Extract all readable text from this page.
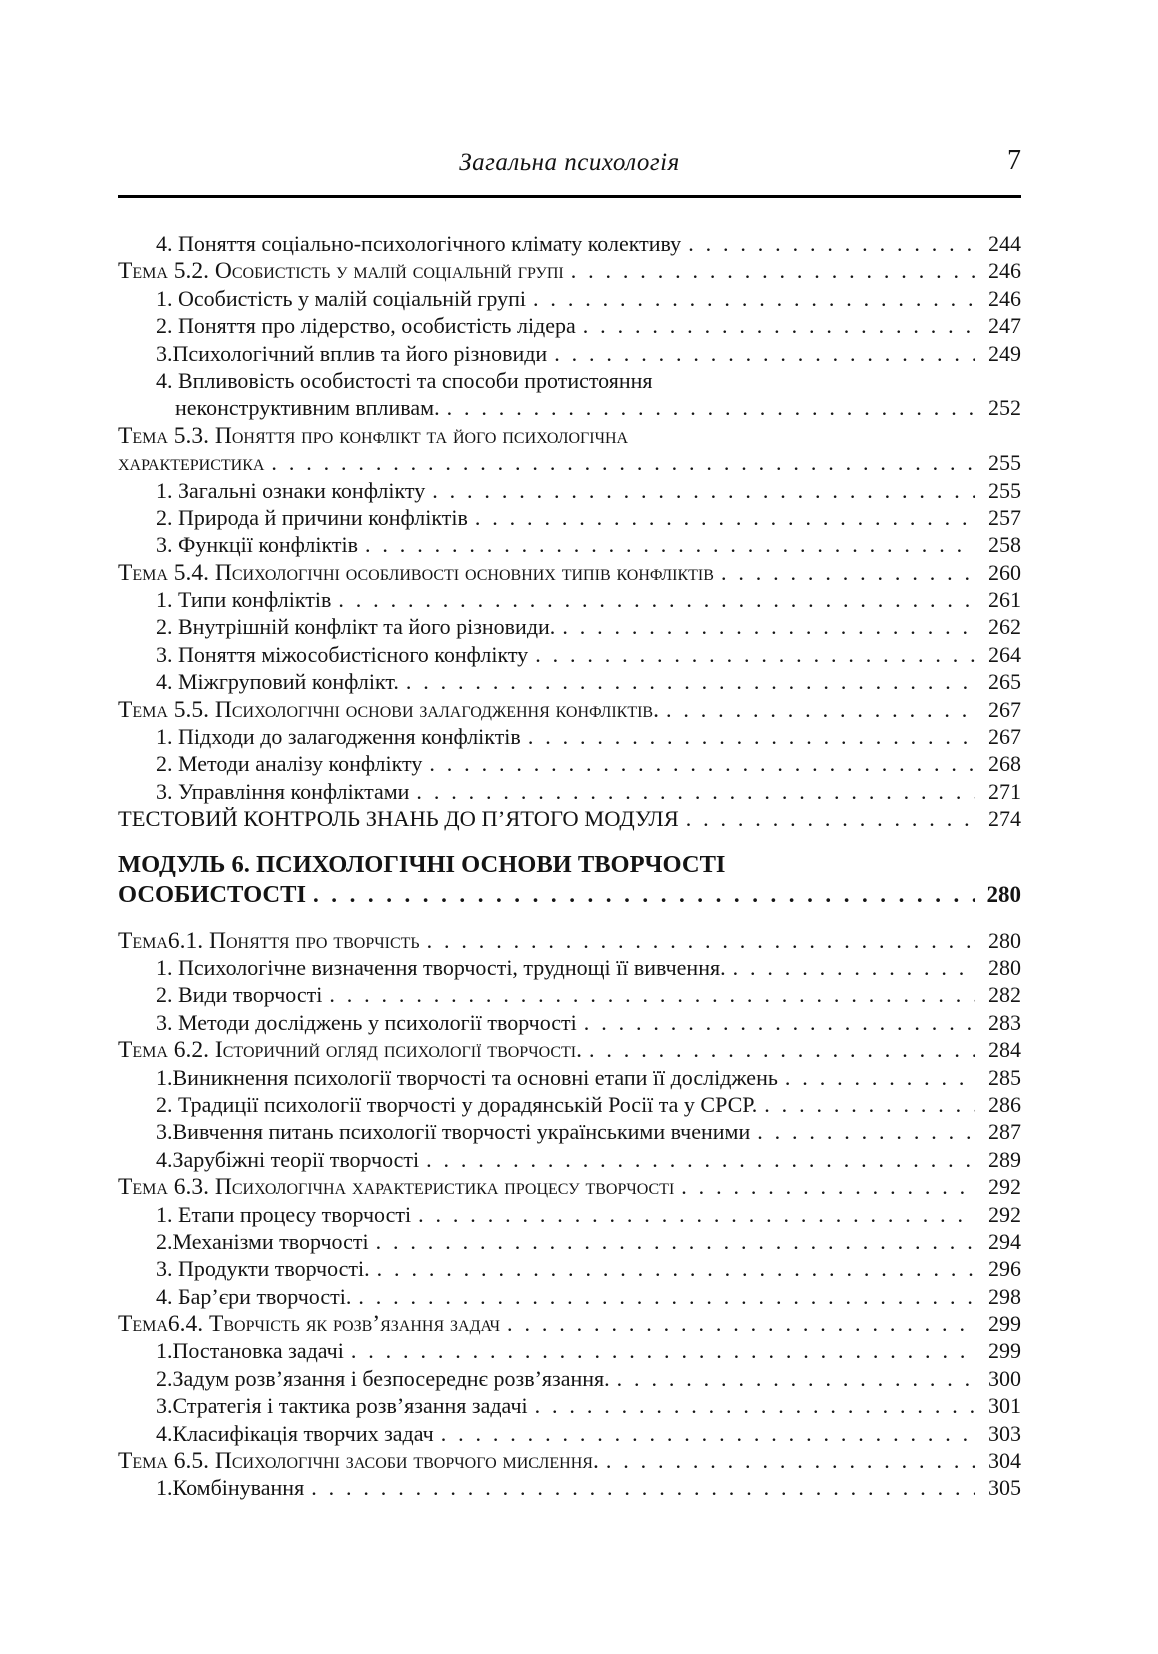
Загальна психологія	7
4. Поняття соціально-психологічного клімату колективу . . .	244
Тема 5.2. Особистість у малій соціальній групі . . .	246
1. Особистість у малій соціальній групі . . .	246
2. Поняття про лідерство, особистість лідера . . .	247
3.Психологічний вплив та його різновиди . . .	249
4. Впливовість особистості та способи протистояння
неконструктивним впливам. . . .	252
Тема 5.3. Поняття про конфлікт та його психологічна
характеристика . . .	255
1. Загальні ознаки конфлікту . . .	255
2. Природа й причини конфліктів . . .	257
3. Функції конфліктів . . .	258
Тема 5.4. Психологічні особливості основних типів конфліктів . . .	260
1. Типи конфліктів . . .	261
2. Внутрішній конфлікт та його різновиди. . . .	262
3. Поняття міжособистісного конфлікту . . .	264
4. Міжгруповий конфлікт. . . .	265
Тема 5.5. Психологічні основи залагодження конфліктів. . . .	267
1. Підходи до залагодження конфліктів . . .	267
2. Методи аналізу конфлікту . . .	268
3. Управління конфліктами . . .	271
ТЕСТОВИЙ КОНТРОЛЬ ЗНАНЬ ДО П’ЯТОГО МОДУЛЯ . . .	274
МОДУЛЬ 6. ПСИХОЛОГІЧНІ ОСНОВИ ТВОРЧОСТІ
ОСОБИСТОСТІ . . .	280
Тема6.1. Поняття про творчість . . .	280
1. Психологічне визначення творчості, труднощі її вивчення. . . .	280
2. Види творчості . . .	282
3. Методи досліджень у психології творчості . . .	283
Тема 6.2. Історичний огляд психології творчості. . . .	284
1.Виникнення психології творчості та основні етапи її досліджень . . .	285
2. Традиції психології творчості у дорадянській Росії та у СРСР. . . .	286
3.Вивчення питань психології творчості українськими вченими . . .	287
4.Зарубіжні теорії творчості . . .	289
Тема 6.3. Психологічна характеристика процесу творчості . . .	292
1. Етапи процесу творчості . . .	292
2.Механізми творчості . . .	294
3. Продукти творчості. . . .	296
4. Бар’єри творчості. . . .	298
Тема6.4. Творчість як розв’язання задач . . .	299
1.Постановка задачі . . .	299
2.Задум розв’язання і безпосереднє розв’язання. . . .	300
3.Стратегія і тактика розв’язання задачі . . .	301
4.Класифікація творчих задач . . .	303
Тема 6.5. Психологічні засоби творчого мислення. . . .	304
1.Комбінування . . .	305
